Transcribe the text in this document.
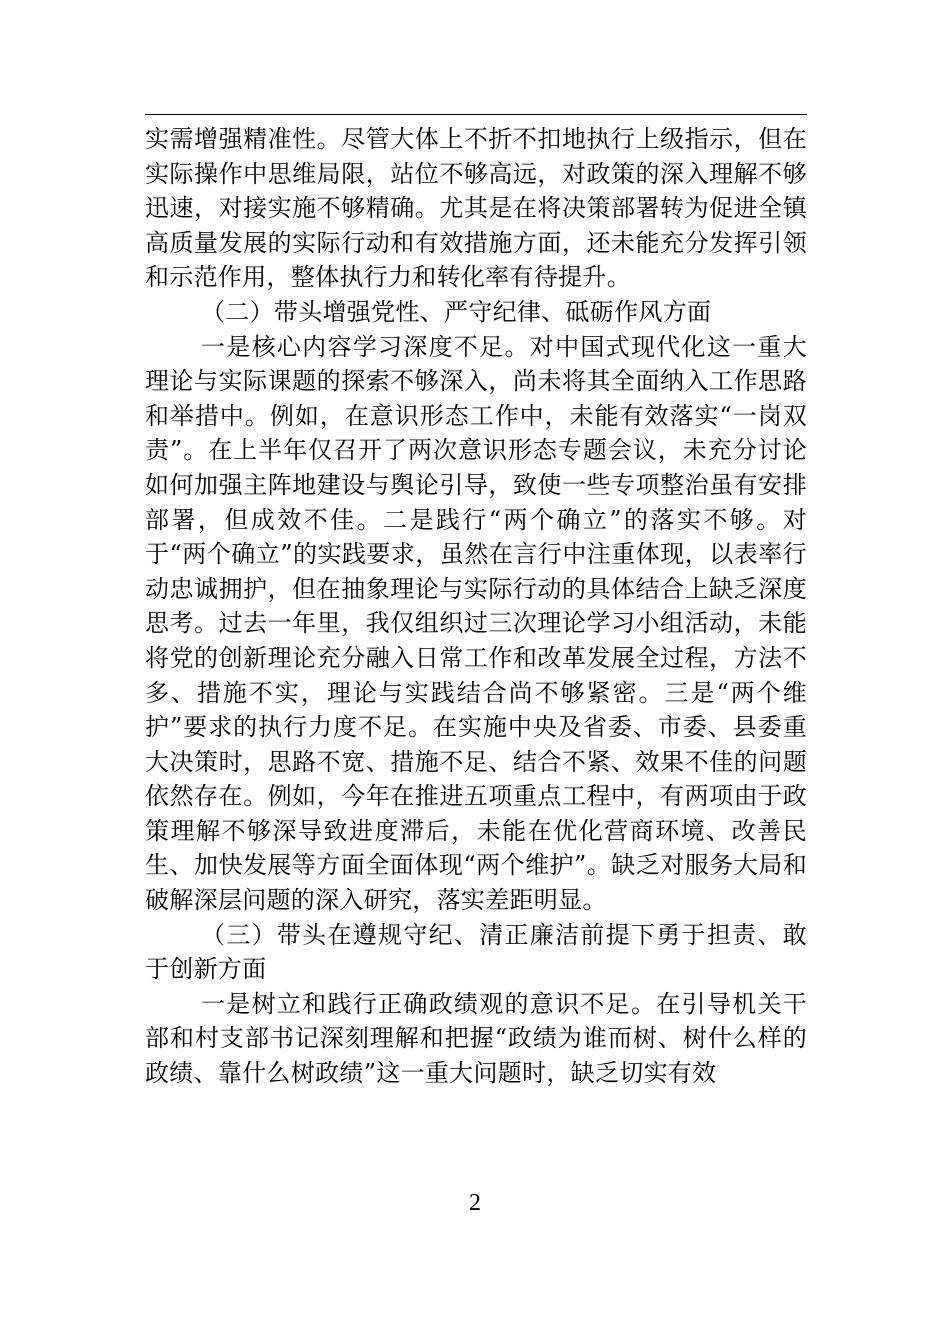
实需增强精准性。尽管大体上不折不扣地执行上级指示，但在实际操作中思维局限，站位不够高远，对政策的深入理解不够迅速，对接实施不够精确。尤其是在将决策部署转为促进全镇高质量发展的实际行动和有效措施方面，还未能充分发挥引领和示范作用，整体执行力和转化率有待提升。

（二）带头增强党性、严守纪律、砥砺作风方面

一是核心内容学习深度不足。对中国式现代化这一重大理论与实际课题的探索不够深入，尚未将其全面纳入工作思路和举措中。例如，在意识形态工作中，未能有效落实“一岗双责”。在上半年仅召开了两次意识形态专题会议，未充分讨论如何加强主阵地建设与舆论引导，致使一些专项整治虽有安排部署，但成效不佳。二是践行“两个确立”的落实不够。对于“两个确立”的实践要求，虽然在言行中注重体现，以表率行动忠诚拥护，但在抽象理论与实际行动的具体结合上缺乏深度思考。过去一年里，我仅组织过三次理论学习小组活动，未能将党的创新理论充分融入日常工作和改革发展全过程，方法不多、措施不实，理论与实践结合尚不够紧密。三是“两个维护”要求的执行力度不足。在实施中央及省委、市委、县委重大决策时，思路不宽、措施不足、结合不紧、效果不佳的问题依然存在。例如，今年在推进五项重点工程中，有两项由于政策理解不够深导致进度滞后，未能在优化营商环境、改善民生、加快发展等方面全面体现“两个维护”。缺乏对服务大局和破解深层问题的深入研究，落实差距明显。

（三）带头在遵规守纪、清正廉洁前提下勇于担责、敢于创新方面

一是树立和践行正确政绩观的意识不足。在引导机关干部和村支部书记深刻理解和把握“政绩为谁而树、树什么样的政绩、靠什么树政绩”这一重大问题时，缺乏切实有效

2
